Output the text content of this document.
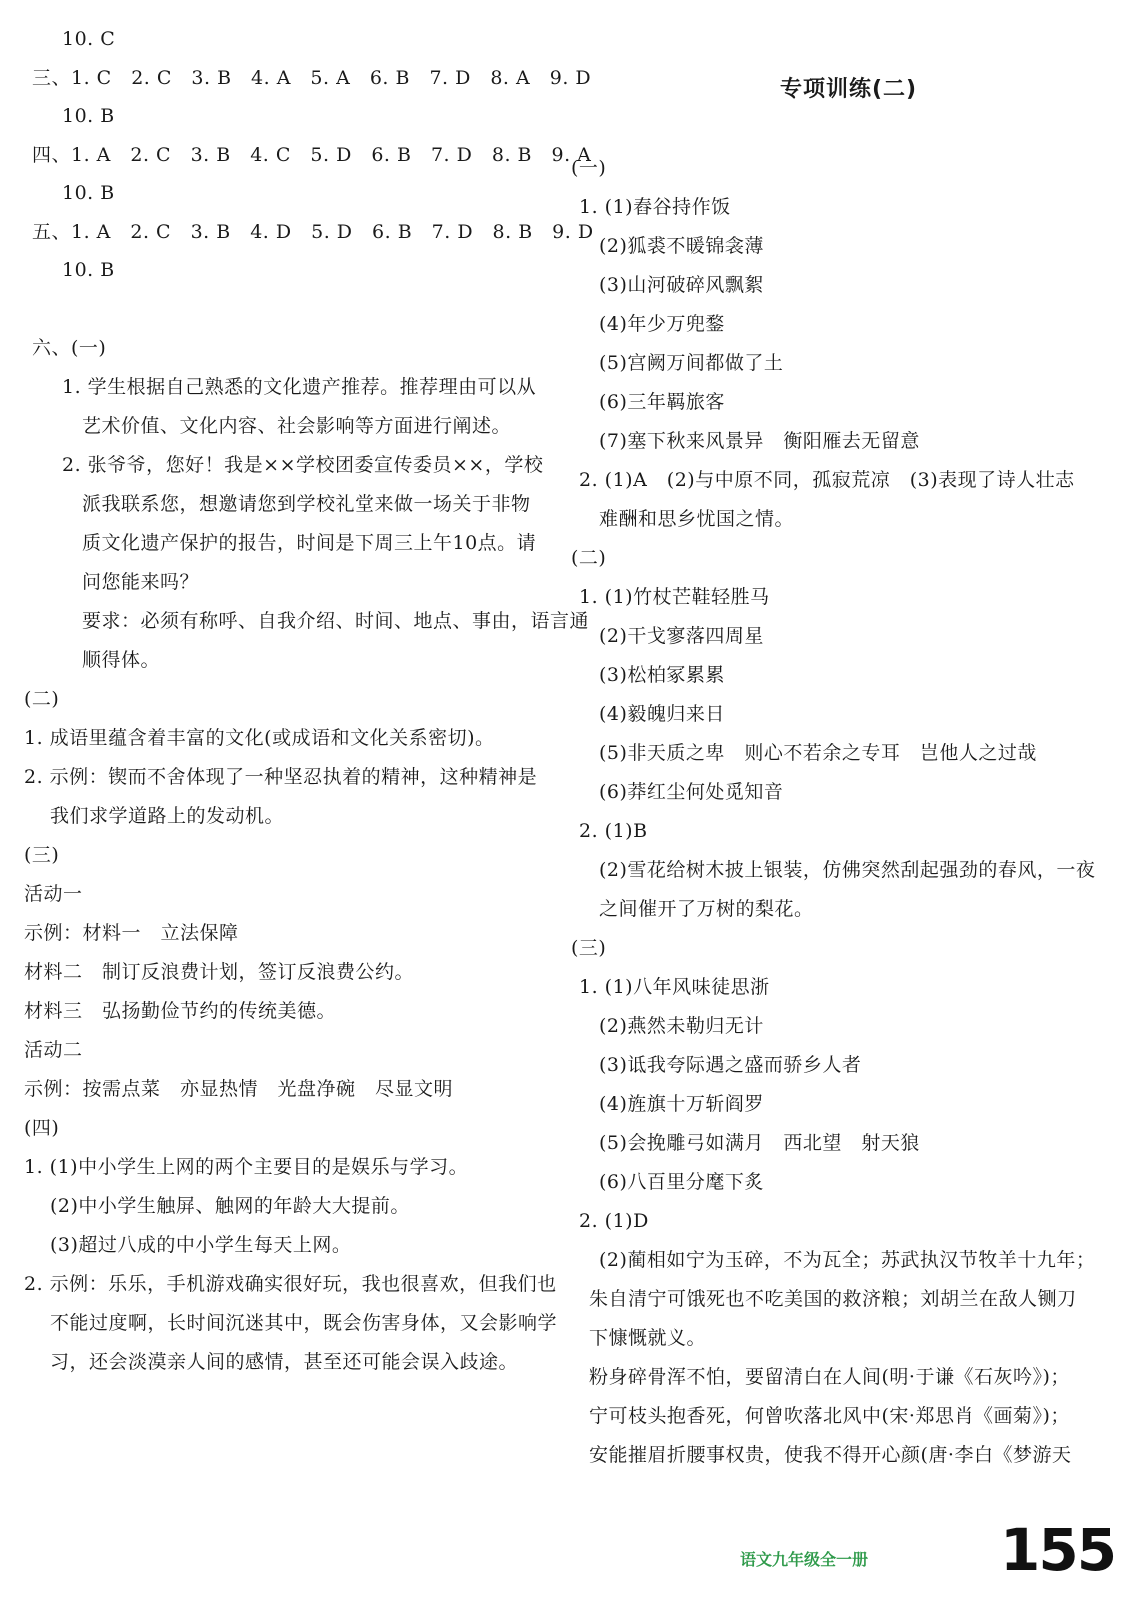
10. C
三、1. C　2. C　3. B　4. A　5. A　6. B　7. D　8. A　9. D
10. B
四、1. A　2. C　3. B　4. C　5. D　6. B　7. D　8. B　9. A
10. B
五、1. A　2. C　3. B　4. D　5. D　6. B　7. D　8. B　9. D
10. B
六、(一)
1. 学生根据自己熟悉的文化遗产推荐。推荐理由可以从
艺术价值、文化内容、社会影响等方面进行阐述。
2. 张爷爷，您好！我是××学校团委宣传委员××，学校
派我联系您，想邀请您到学校礼堂来做一场关于非物
质文化遗产保护的报告，时间是下周三上午10点。请
问您能来吗？
要求：必须有称呼、自我介绍、时间、地点、事由，语言通
顺得体。
(二)
1. 成语里蕴含着丰富的文化(或成语和文化关系密切)。
2. 示例：锲而不舍体现了一种坚忍执着的精神，这种精神是
我们求学道路上的发动机。
(三)
活动一
示例：材料一　立法保障
材料二　制订反浪费计划，签订反浪费公约。
材料三　弘扬勤俭节约的传统美德。
活动二
示例：按需点菜　亦显热情　光盘净碗　尽显文明
(四)
1. (1)中小学生上网的两个主要目的是娱乐与学习。
(2)中小学生触屏、触网的年龄大大提前。
(3)超过八成的中小学生每天上网。
2. 示例：乐乐，手机游戏确实很好玩，我也很喜欢，但我们也
不能过度啊，长时间沉迷其中，既会伤害身体，又会影响学
习，还会淡漠亲人间的感情，甚至还可能会误入歧途。
专项训练(二)
(一)
1. (1)舂谷持作饭
(2)狐裘不暖锦衾薄
(3)山河破碎风飘絮
(4)年少万兜鍪
(5)宫阙万间都做了土
(6)三年羁旅客
(7)塞下秋来风景异　衡阳雁去无留意
2. (1)A　(2)与中原不同，孤寂荒凉　(3)表现了诗人壮志
难酬和思乡忧国之情。
(二)
1. (1)竹杖芒鞋轻胜马
(2)干戈寥落四周星
(3)松柏冢累累
(4)毅魄归来日
(5)非天质之卑　则心不若余之专耳　岂他人之过哉
(6)莽红尘何处觅知音
2. (1)B
(2)雪花给树木披上银装，仿佛突然刮起强劲的春风，一夜
之间催开了万树的梨花。
(三)
1. (1)八年风味徒思浙
(2)燕然未勒归无计
(3)诋我夸际遇之盛而骄乡人者
(4)旌旗十万斩阎罗
(5)会挽雕弓如满月　西北望　射天狼
(6)八百里分麾下炙
2. (1)D
(2)蔺相如宁为玉碎，不为瓦全；苏武执汉节牧羊十九年；
朱自清宁可饿死也不吃美国的救济粮；刘胡兰在敌人铡刀
下慷慨就义。
粉身碎骨浑不怕，要留清白在人间(明·于谦《石灰吟》)；
宁可枝头抱香死，何曾吹落北风中(宋·郑思肖《画菊》)；
安能摧眉折腰事权贵，使我不得开心颜(唐·李白《梦游天
语文九年级全一册 155
